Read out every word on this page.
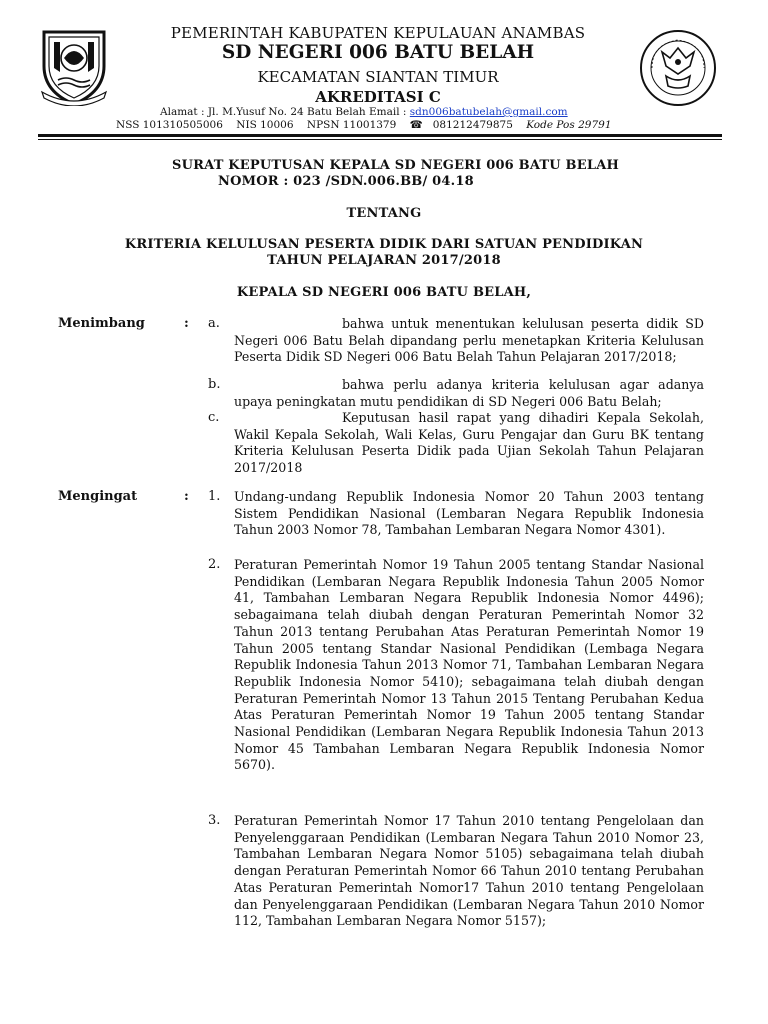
PEMERINTAH KABUPATEN KEPULAUAN ANAMBAS
SD NEGERI 006 BATU BELAH
KECAMATAN SIANTAN TIMUR
AKREDITASI C
Alamat : Jl. M.Yusuf No. 24 Batu Belah Email : sdn006batubelah@gmail.com
NSS 101310505006 NIS 10006 NPSN 11001379 ☎ 081212479875 Kode Pos 29791
SURAT KEPUTUSAN KEPALA SD NEGERI 006 BATU BELAH
NOMOR : 023 /SDN.006.BB/ 04.18
TENTANG
KRITERIA KELULUSAN PESERTA DIDIK DARI SATUAN PENDIDIKAN
TAHUN PELAJARAN 2017/2018
KEPALA SD NEGERI 006 BATU BELAH,
Menimbang	: a.	bahwa untuk menentukan kelulusan peserta didik SD Negeri 006 Batu Belah dipandang perlu menetapkan Kriteria Kelulusan Peserta Didik SD Negeri 006 Batu Belah Tahun Pelajaran 2017/2018;
b.	bahwa perlu adanya kriteria kelulusan agar adanya upaya peningkatan mutu pendidikan di SD Negeri 006 Batu Belah;
c.	Keputusan hasil rapat yang dihadiri Kepala Sekolah, Wakil Kepala Sekolah, Wali Kelas, Guru Pengajar dan Guru BK tentang Kriteria Kelulusan Peserta Didik pada Ujian Sekolah Tahun Pelajaran 2017/2018
Mengingat	: 1. Undang-undang Republik Indonesia Nomor 20 Tahun 2003 tentang Sistem Pendidikan Nasional (Lembaran Negara Republik Indonesia Tahun 2003 Nomor 78, Tambahan Lembaran Negara Nomor 4301).
2. Peraturan Pemerintah Nomor 19 Tahun 2005 tentang Standar Nasional Pendidikan (Lembaran Negara Republik Indonesia Tahun 2005 Nomor 41, Tambahan Lembaran Negara Republik Indonesia Nomor 4496); sebagaimana telah diubah dengan Peraturan Pemerintah Nomor 32 Tahun 2013 tentang Perubahan Atas Peraturan Pemerintah Nomor 19 Tahun 2005 tentang Standar Nasional Pendidikan (Lembaga Negara Republik Indonesia Tahun 2013 Nomor 71, Tambahan Lembaran Negara Republik Indonesia Nomor 5410); sebagaimana telah diubah dengan Peraturan Pemerintah Nomor 13 Tahun 2015 Tentang Perubahan Kedua Atas Peraturan Pemerintah Nomor 19 Tahun 2005 tentang Standar Nasional Pendidikan (Lembaran Negara Republik Indonesia Tahun 2013 Nomor 45 Tambahan Lembaran Negara Republik Indonesia Nomor 5670).
3. Peraturan Pemerintah Nomor 17 Tahun 2010 tentang Pengelolaan dan Penyelenggaraan Pendidikan (Lembaran Negara Tahun 2010 Nomor 23, Tambahan Lembaran Negara Nomor 5105) sebagaimana telah diubah dengan Peraturan Pemerintah Nomor 66 Tahun 2010 tentang Perubahan Atas Peraturan Pemerintah Nomor17 Tahun 2010 tentang Pengelolaan dan Penyelenggaraan Pendidikan (Lembaran Negara Tahun 2010 Nomor 112, Tambahan Lembaran Negara Nomor 5157);
